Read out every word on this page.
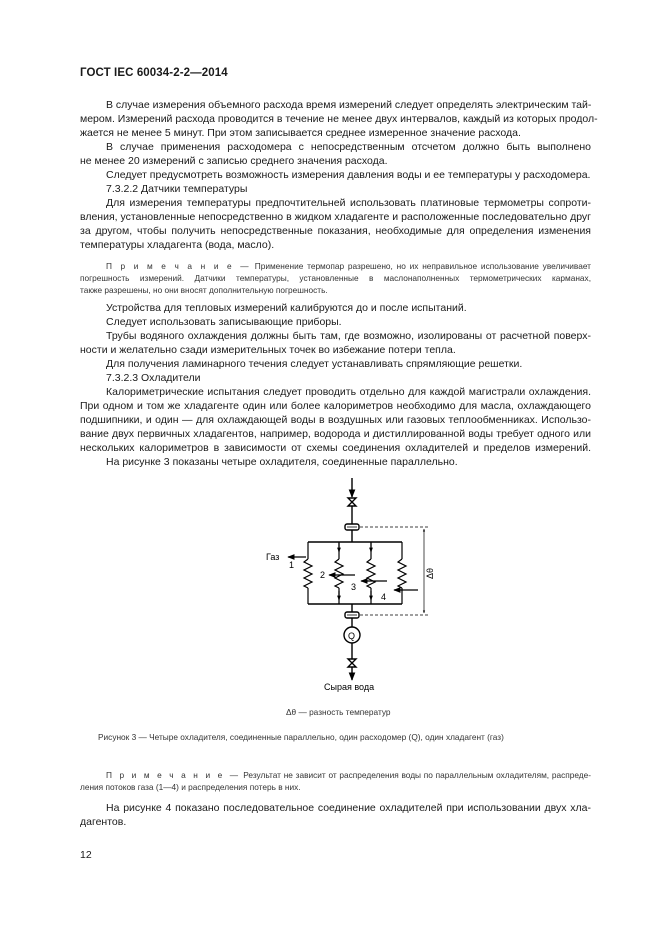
ГОСТ IEC 60034-2-2—2014
В случае измерения объемного расхода время измерений следует определять электрическим тай-
мером. Измерений расхода проводится в течение не менее двух интервалов, каждый из которых продол-
жается не менее 5 минут. При этом записывается среднее измеренное значение расхода.
В случае применения расходомера с непосредственным отсчетом должно быть выполнено
не менее 20 измерений с записью среднего значения расхода.
Следует предусмотреть возможность измерения давления воды и ее температуры у расходомера.
7.3.2.2 Датчики температуры
Для измерения температуры предпочтительней использовать платиновые термометры сопроти-
вления, установленные непосредственно в жидком хладагенте и расположенные последовательно друг
за другом, чтобы получить непосредственные показания, необходимые для определения изменения
температуры хладагента (вода, масло).
П р и м е ч а н и е — Применение термопар разрешено, но их неправильное использование увеличивает
погрешность измерений. Датчики температуры, установленные в маслонаполненных термометрических карманах,
также разрешены, но они вносят дополнительную погрешность.
Устройства для тепловых измерений калибруются до и после испытаний.
Следует использовать записывающие приборы.
Трубы водяного охлаждения должны быть там, где возможно, изолированы от расчетной поверх-
ности и желательно сзади измерительных точек во избежание потери тепла.
Для получения ламинарного течения следует устанавливать спрямляющие решетки.
7.3.2.3 Охладители
Калориметрические испытания следует проводить отдельно для каждой магистрали охлаждения.
При одном и том же хладагенте один или более калориметров необходимо для масла, охлаждающего
подшипники, и один — для охлаждающей воды в воздушных или газовых теплообменниках. Использо-
вание двух первичных хладагентов, например, водорода и дистиллированной воды требует одного или
нескольких калориметров в зависимости от схемы соединения охладителей и пределов измерений.
На рисунке 3 показаны четыре охладителя, соединенные параллельно.
Газ
1
2
3
4
Q
Δθ
Сырая вода
Δθ — разность температур
Рисунок 3 — Четыре охладителя, соединенные параллельно, один расходомер (Q), один хладагент (газ)
П р и м е ч а н и е — Результат не зависит от распределения воды по параллельным охладителям, распреде-
ления потоков газа (1—4) и распределения потерь в них.
На рисунке 4 показано последовательное соединение охладителей при использовании двух хла-
дагентов.
12
